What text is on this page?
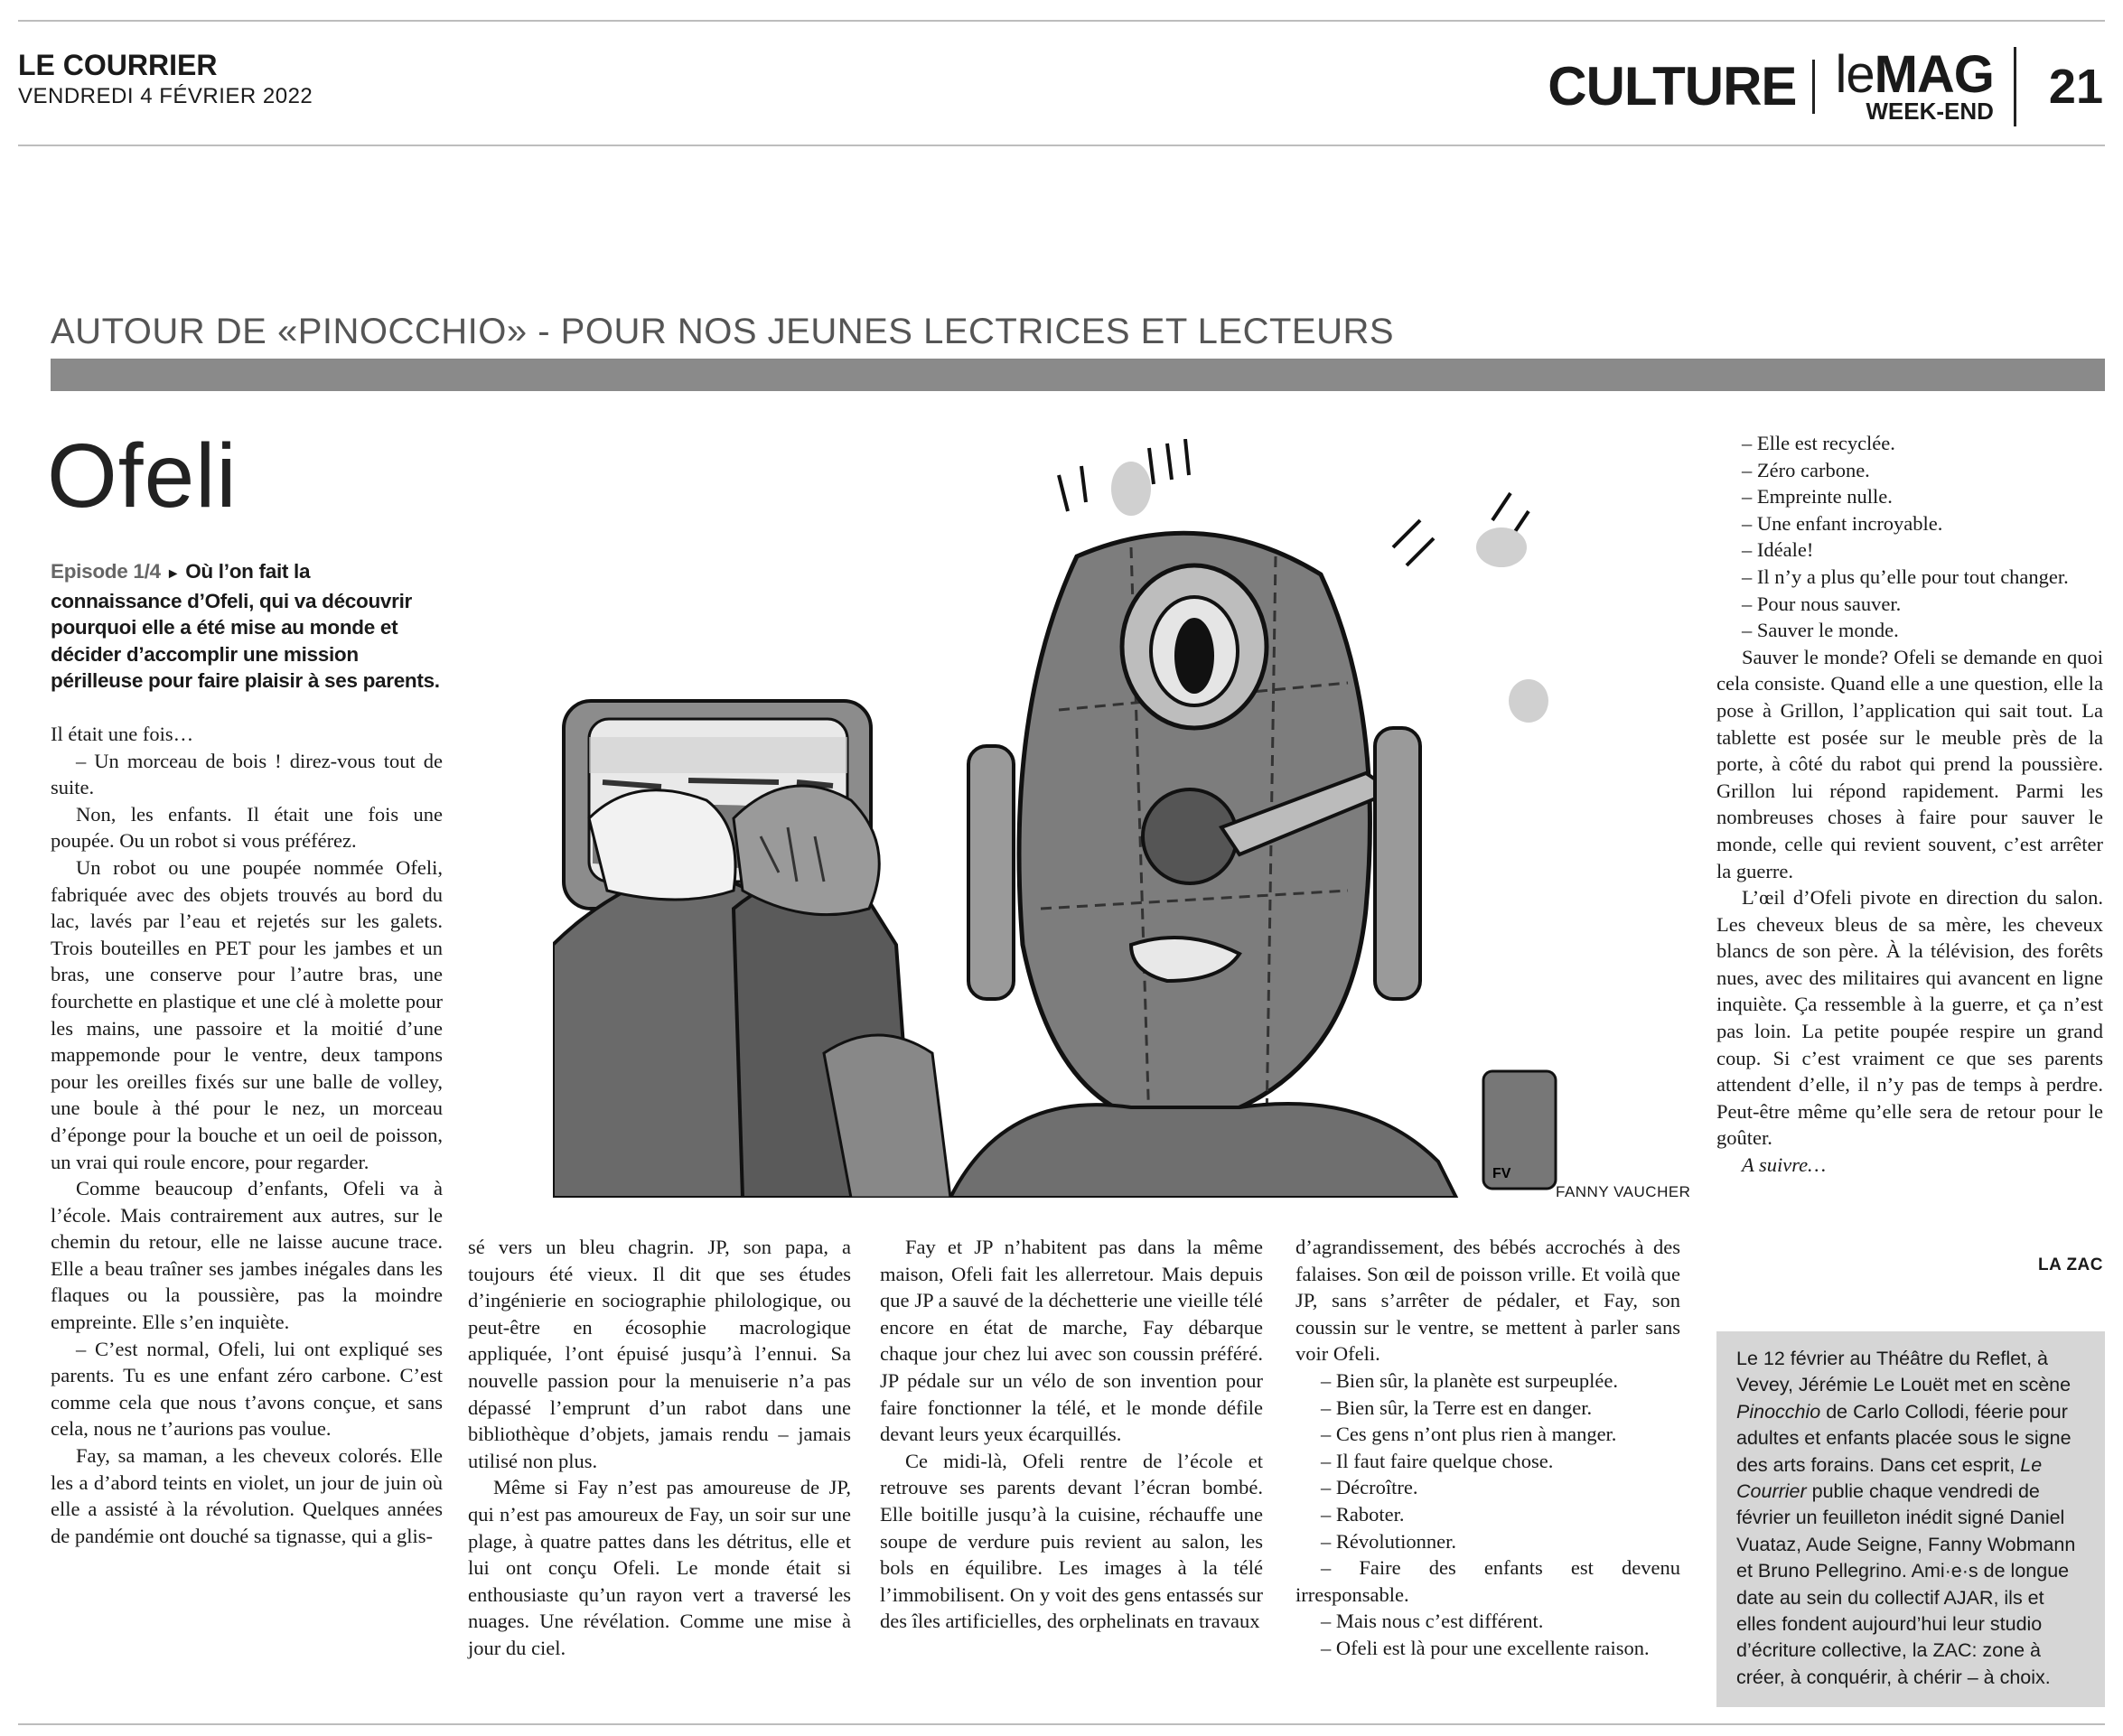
LE COURRIER
VENDREDI 4 FÉVRIER 2022	CULTURE leMAG
WEEK-END	21
AUTOUR DE «PINOCCHIO» - POUR NOS JEUNES LECTRICES ET LECTEURS
Ofeli
Episode 1/4 ► Où l’on fait la connaissance d’Ofeli, qui va découvrir pourquoi elle a été mise au monde et décider d’accomplir une mission périlleuse pour faire plaisir à ses parents.

Il était une fois…

– Un morceau de bois ! direz-vous tout de suite.

Non, les enfants. Il était une fois une poupée. Ou un robot si vous préférez.

Un robot ou une poupée nommée Ofeli, fabriquée avec des objets trouvés au bord du lac, lavés par l’eau et rejetés sur les galets. Trois bouteilles en PET pour les jambes et un bras, une conserve pour l’autre bras, une fourchette en plastique et une clé à molette pour les mains, une passoire et la moitié d’une mappemonde pour le ventre, deux tampons pour les oreilles fixés sur une balle de volley, une boule à thé pour le nez, un morceau d’éponge pour la bouche et un oeil de poisson, un vrai qui roule encore, pour regarder.

Comme beaucoup d’enfants, Ofeli va à l’école. Mais contrairement aux autres, sur le chemin du retour, elle ne laisse aucune trace. Elle a beau traîner ses jambes inégales dans les flaques ou la poussière, pas la moindre empreinte. Elle s’en inquiète.

– C’est normal, Ofeli, lui ont expliqué ses parents. Tu es une enfant zéro carbone. C’est comme cela que nous t’avons conçue, et sans cela, nous ne t’aurions pas voulue.

Fay, sa maman, a les cheveux colorés. Elle les a d’abord teints en violet, un jour de juin où elle a assisté à la révolution. Quelques années de pandémie ont douché sa tignasse, qui a glis-

FV
FANNY VAUCHER

sé vers un bleu chagrin. JP, son papa, a toujours été vieux. Il dit que ses études d’ingénierie en sociographie philologique, ou peut-être en écosophie macrologique appliquée, l’ont épuisé jusqu’à l’ennui. Sa nouvelle passion pour la menuiserie n’a pas dépassé l’emprunt d’un rabot dans une bibliothèque d’objets, jamais rendu – jamais utilisé non plus.

Même si Fay n’est pas amoureuse de JP, qui n’est pas amoureux de Fay, un soir sur une plage, à quatre pattes dans les détritus, elle et lui ont conçu Ofeli. Le monde était si enthousiaste qu’un rayon vert a traversé les nuages. Une révélation. Comme une mise à jour du ciel.

Fay et JP n’habitent pas dans la même maison, Ofeli fait les allerretour. Mais depuis que JP a sauvé de la déchetterie une vieille télé encore en état de marche, Fay débarque chaque jour chez lui avec son coussin préféré. JP pédale sur un vélo de son invention pour faire fonctionner la télé, et le monde défile devant leurs yeux écarquillés.

Ce midi-là, Ofeli rentre de l’école et retrouve ses parents devant l’écran bombé. Elle boitille jusqu’à la cuisine, réchauffe une soupe de verdure puis revient au salon, les bols en équilibre. Les images à la télé l’immobilisent. On y voit des gens entassés sur des îles artificielles, des orphelinats en travaux

d’agrandissement, des bébés accrochés à des falaises. Son œil de poisson vrille. Et voilà que JP, sans s’arrêter de pédaler, et Fay, son coussin sur le ventre, se mettent à parler sans voir Ofeli.

– Bien sûr, la planète est surpeuplée.

– Bien sûr, la Terre est en danger.

– Ces gens n’ont plus rien à manger.

– Il faut faire quelque chose.

– Décroître.

– Raboter.

– Révolutionner.

– Faire des enfants est devenu irresponsable.

– Mais nous c’est différent.

– Ofeli est là pour une excellente raison.

– Elle est recyclée.

– Zéro carbone.

– Empreinte nulle.

– Une enfant incroyable.

– Idéale!

– Il n’y a plus qu’elle pour tout changer.

– Pour nous sauver.

– Sauver le monde.

Sauver le monde? Ofeli se demande en quoi cela consiste. Quand elle a une question, elle la pose à Grillon, l’application qui sait tout. La tablette est posée sur le meuble près de la porte, à côté du rabot qui prend la poussière. Grillon lui répond rapidement. Parmi les nombreuses choses à faire pour sauver le monde, celle qui revient souvent, c’est arrêter la guerre.

L’œil d’Ofeli pivote en direction du salon. Les cheveux bleus de sa mère, les cheveux blancs de son père. À la télévision, des forêts nues, avec des militaires qui avancent en ligne inquiète. Ça ressemble à la guerre, et ça n’est pas loin. La petite poupée respire un grand coup. Si c’est vraiment ce que ses parents attendent d’elle, il n’y pas de temps à perdre. Peut-être même qu’elle sera de retour pour le goûter.

A suivre…

LA ZAC
Le 12 février au Théâtre du Reflet, à Vevey, Jérémie Le Louët met en scène Pinocchio de Carlo Collodi, féerie pour adultes et enfants placée sous le signe des arts forains. Dans cet esprit, Le Courrier publie chaque vendredi de février un feuilleton inédit signé Daniel Vuataz, Aude Seigne, Fanny Wobmann et Bruno Pellegrino. Ami·e·s de longue date au sein du collectif AJAR, ils et elles fondent aujourd’hui leur studio d’écriture collective, la ZAC: zone à créer, à conquérir, à chérir – à choix.
